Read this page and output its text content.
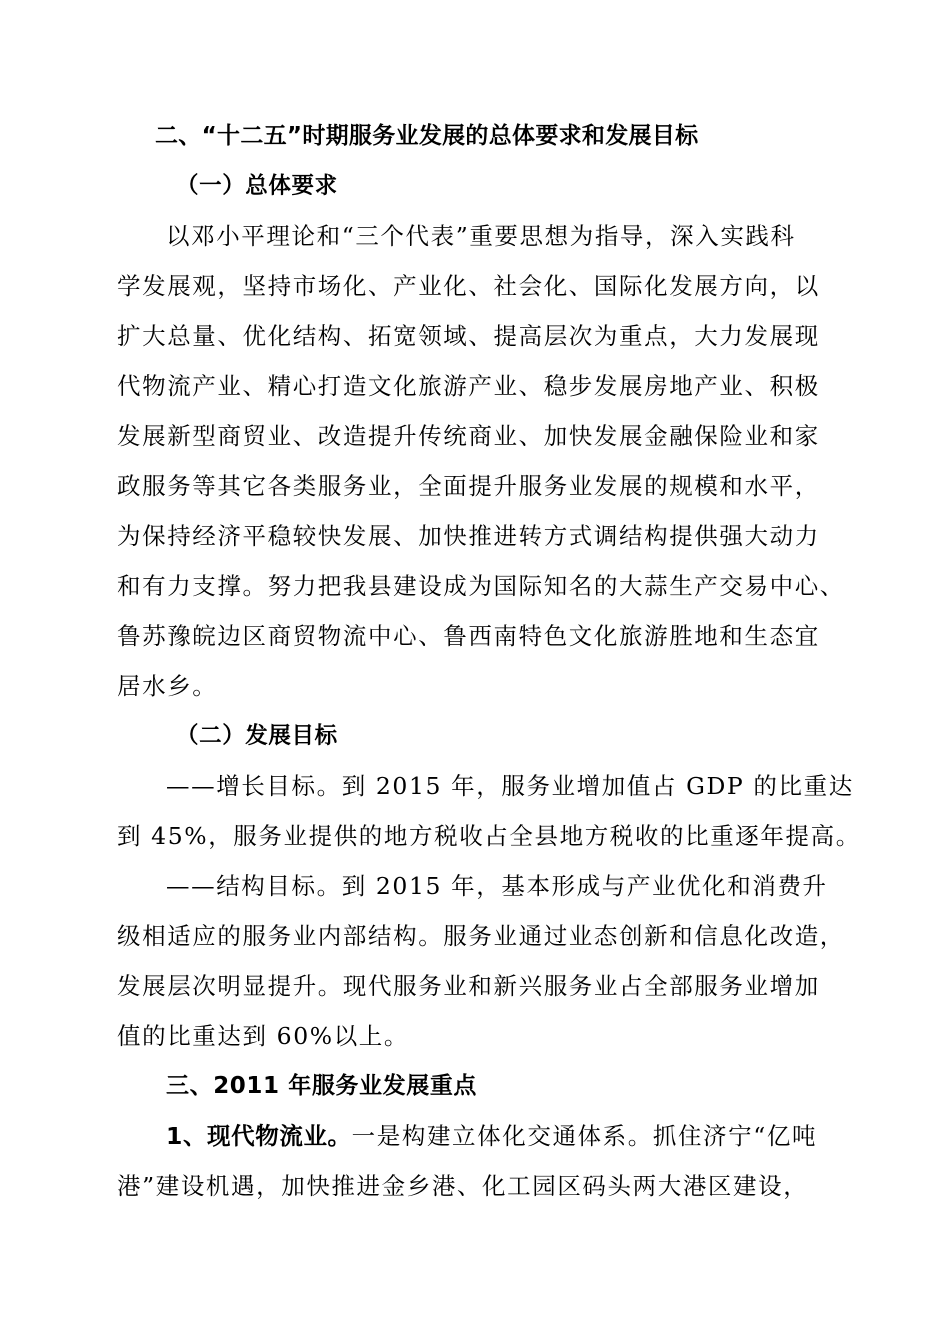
二、“十二五”时期服务业发展的总体要求和发展目标
（一）总体要求
以邓小平理论和“三个代表”重要思想为指导，深入实践科
学发展观，坚持市场化、产业化、社会化、国际化发展方向，以
扩大总量、优化结构、拓宽领域、提高层次为重点，大力发展现
代物流产业、精心打造文化旅游产业、稳步发展房地产业、积极
发展新型商贸业、改造提升传统商业、加快发展金融保险业和家
政服务等其它各类服务业，全面提升服务业发展的规模和水平，
为保持经济平稳较快发展、加快推进转方式调结构提供强大动力
和有力支撑。努力把我县建设成为国际知名的大蒜生产交易中心、
鲁苏豫皖边区商贸物流中心、鲁西南特色文化旅游胜地和生态宜
居水乡。
（二）发展目标
——增长目标。到 2015 年，服务业增加值占 GDP 的比重达
到 45%，服务业提供的地方税收占全县地方税收的比重逐年提高。
——结构目标。到 2015 年，基本形成与产业优化和消费升
级相适应的服务业内部结构。服务业通过业态创新和信息化改造，
发展层次明显提升。现代服务业和新兴服务业占全部服务业增加
值的比重达到 60%以上。
三、2011 年服务业发展重点
1、现代物流业。一是构建立体化交通体系。抓住济宁“亿吨
港”建设机遇，加快推进金乡港、化工园区码头两大港区建设，
